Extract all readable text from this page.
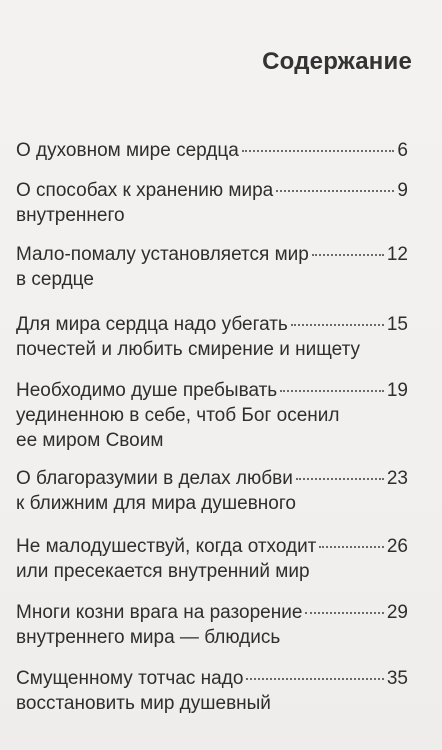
Содержание
О духовном мире сердца	6
О способах к хранению мира	9
внутреннего
Мало-помалу установляется мир	12
в сердце
Для мира сердца надо убегать	15
почестей и любить смирение и нищету
Необходимо душе пребывать	19
уединенною в себе, чтоб Бог осенил
ее миром Своим
О благоразумии в делах любви	23
к ближним для мира душевного
Не малодушествуй, когда отходит	26
или пресекается внутренний мир
Многи козни врага на разорение	29
внутреннего мира — блюдись
Смущенному тотчас надо	35
восстановить мир душевный
